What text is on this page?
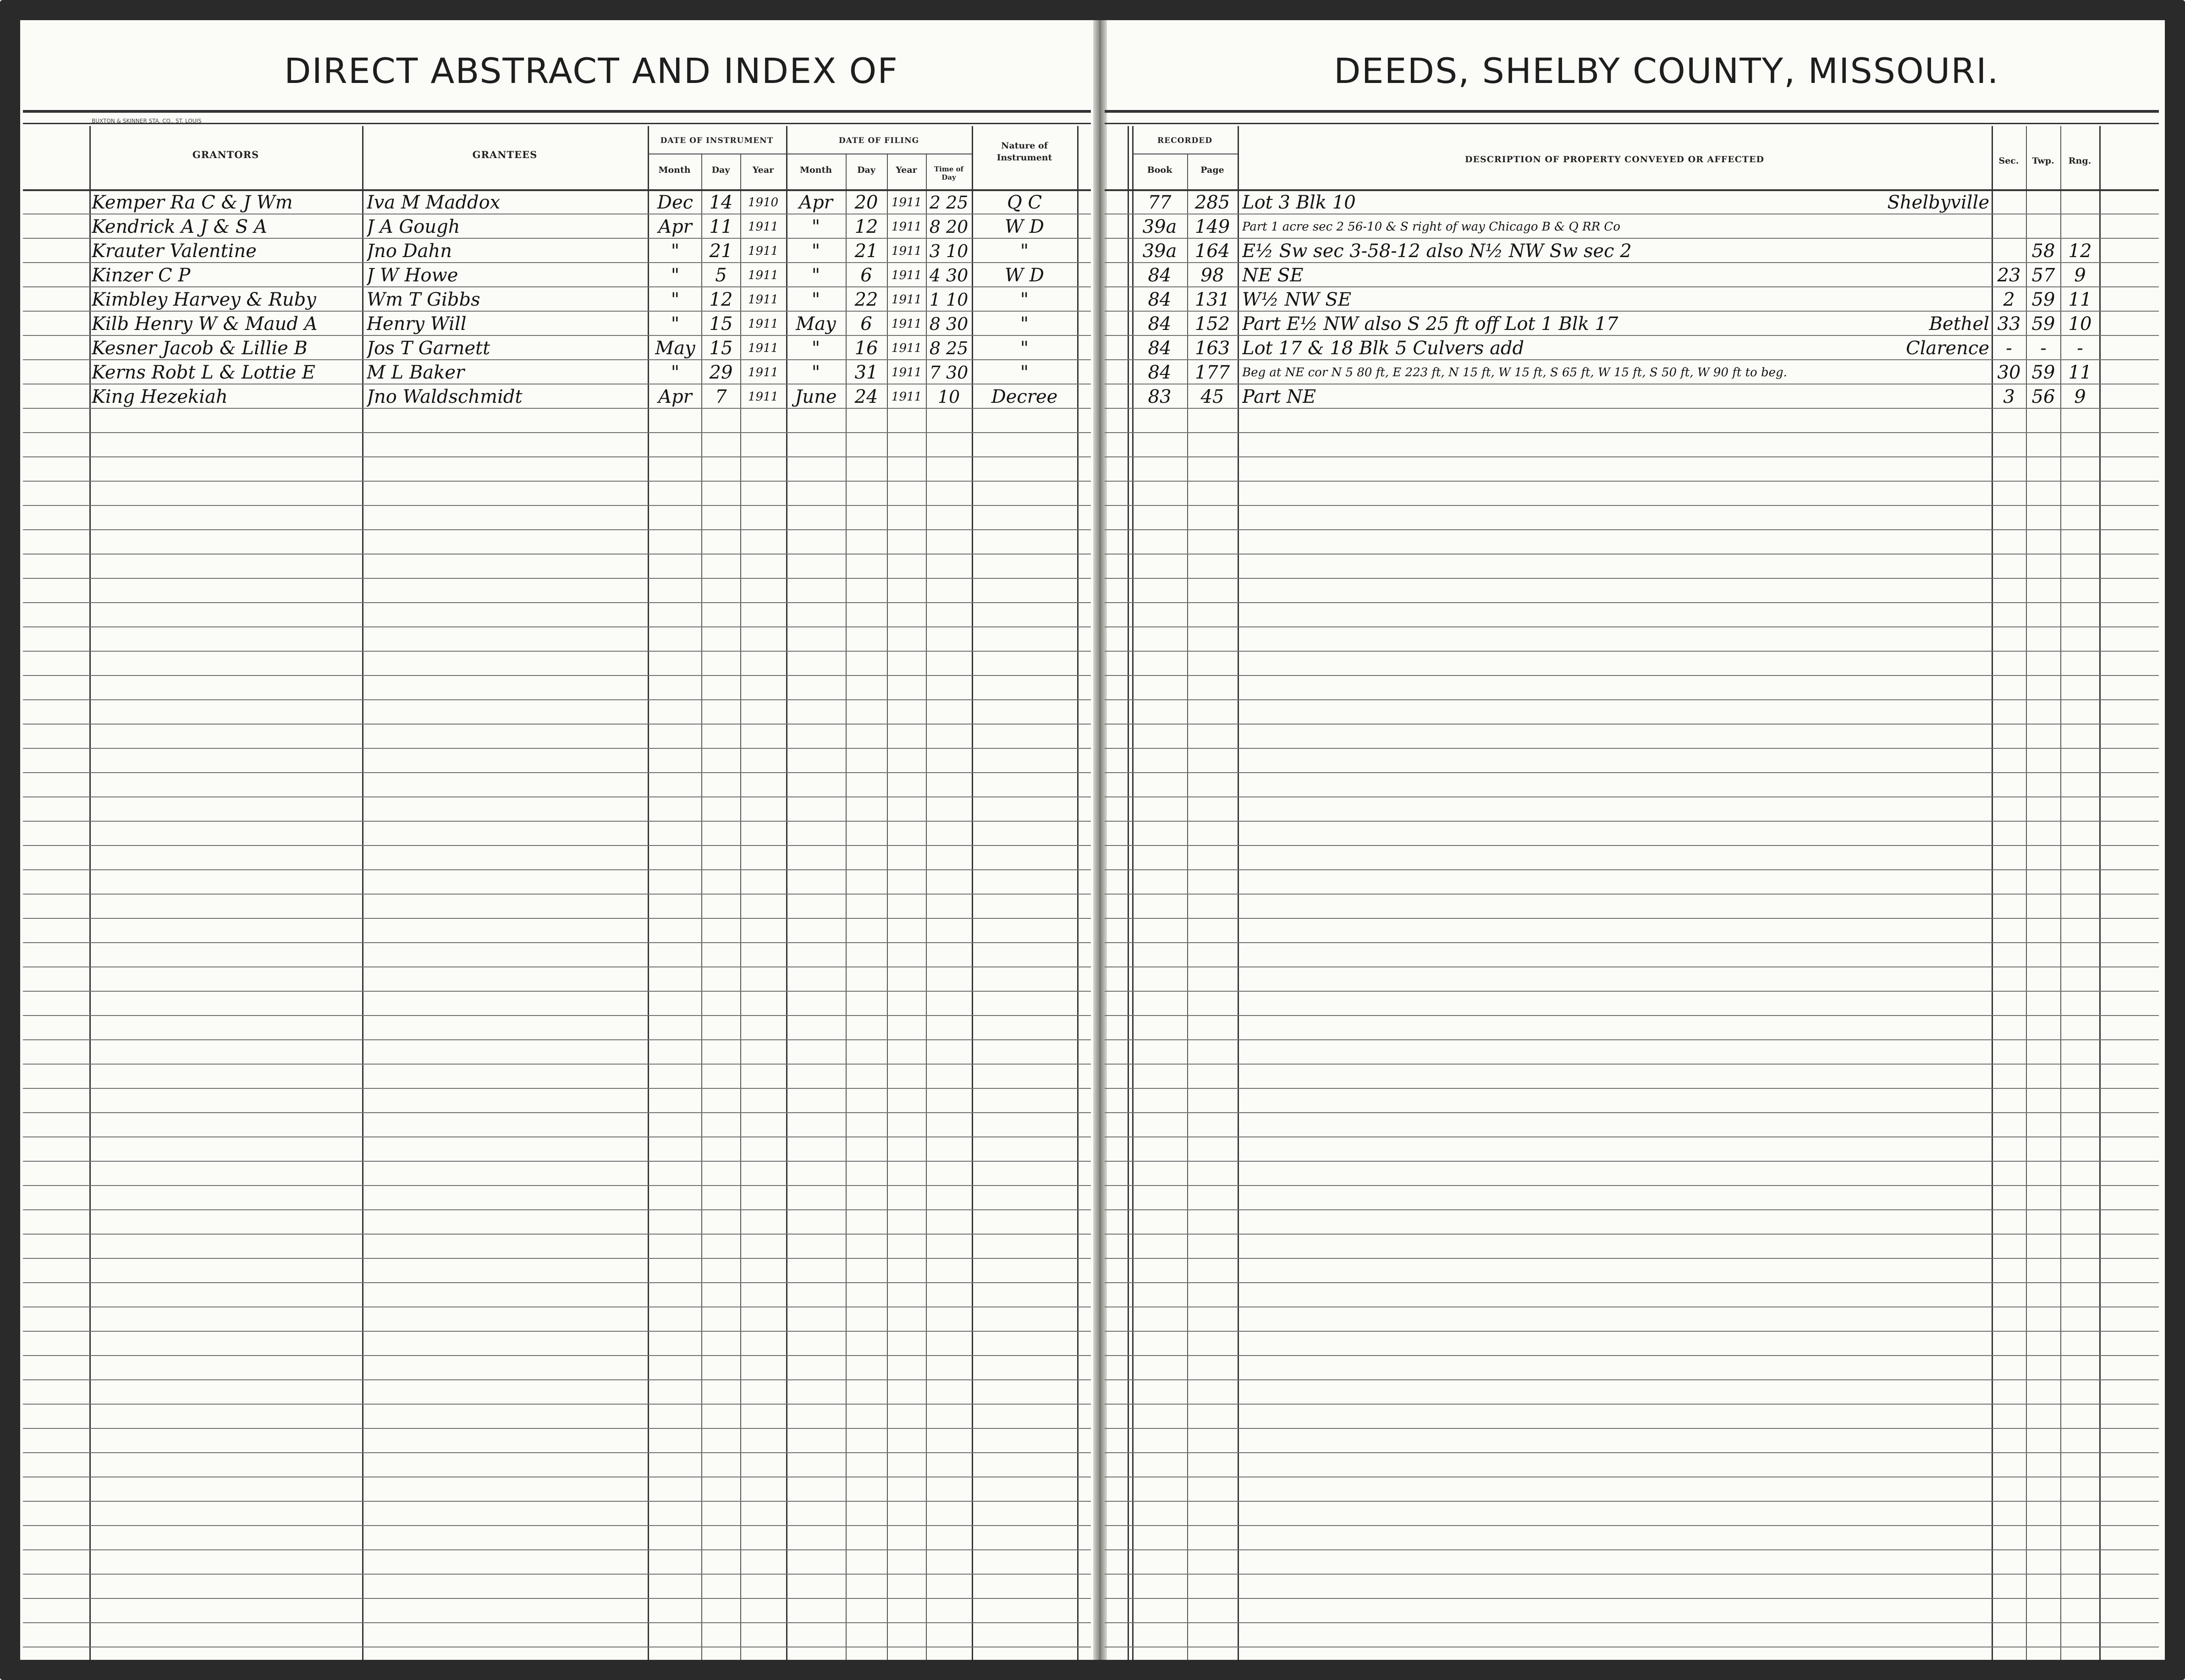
DIRECT ABSTRACT AND INDEX OF	DEEDS, SHELBY COUNTY, MISSOURI.
BUXTON & SKINNER STA. CO., ST. LOUIS
GRANTORS	GRANTEES
DATE OF INSTRUMENT	DATE OF FILING	Nature of Instrument
Month	Day	Year	Month	Day	Year	Time of Day
Kemper Ra C & J Wm	Iva M Maddox	Dec 14	1910	Apr	20	1911 2 25	Q C
Kendrick A J & S A	J A Gough	Apr 11	1911	"	12	1911 8 20	W D
Krauter Valentine	Jno Dahn	"	21	1911	"	21	1911 3 10	"
Kinzer C P	J W Howe	"	5	1911	"	6	1911 4 30	W D
Kimbley Harvey & Ruby	Wm T Gibbs	"	12	1911	"	22	1911 1 10	"
Kilb Henry W & Maud A	Henry Will	"	15	1911 May	6	1911 8 30	"
Kesner Jacob & Lillie B	Jos T Garnett	May 15	1911	"	16	1911 8 25	"
Kerns Robt L & Lottie E	M L Baker	"	29	1911	"	31	1911 7 30	"
King Hezekiah	Jno Waldschmidt	Apr	7	1911 June 24	1911 10	Decree
RECORDED
Book	Page
DESCRIPTION OF PROPERTY CONVEYED OR AFFECTED	Sec.	Twp.	Rng.
77	285 Lot 3 Blk 10	Shelbyville
39a 149	Part 1 acre sec 2 56-10 & S right of way Chicago B & Q RR Co
39a 164 E½ Sw sec 3-58-12 also N½ NW Sw sec 2	58 12
84	98 NE SE	23 57	9
84	131 W½ NW SE	2 59 11
84	152 Part E½ NW also S 25 ft off Lot 1 Blk 17	Bethel 33 59 10
84	163 Lot 17 & 18 Blk 5 Culvers add	Clarence -	-	-
84	177	Beg at NE cor N 5 80 ft, E 223 ft, N 15 ft, W 15 ft, S 65 ft, W 15 ft, S 50 ft, W 90 ft to beg.	30 59 11
83	45 Part NE	3 56	9
